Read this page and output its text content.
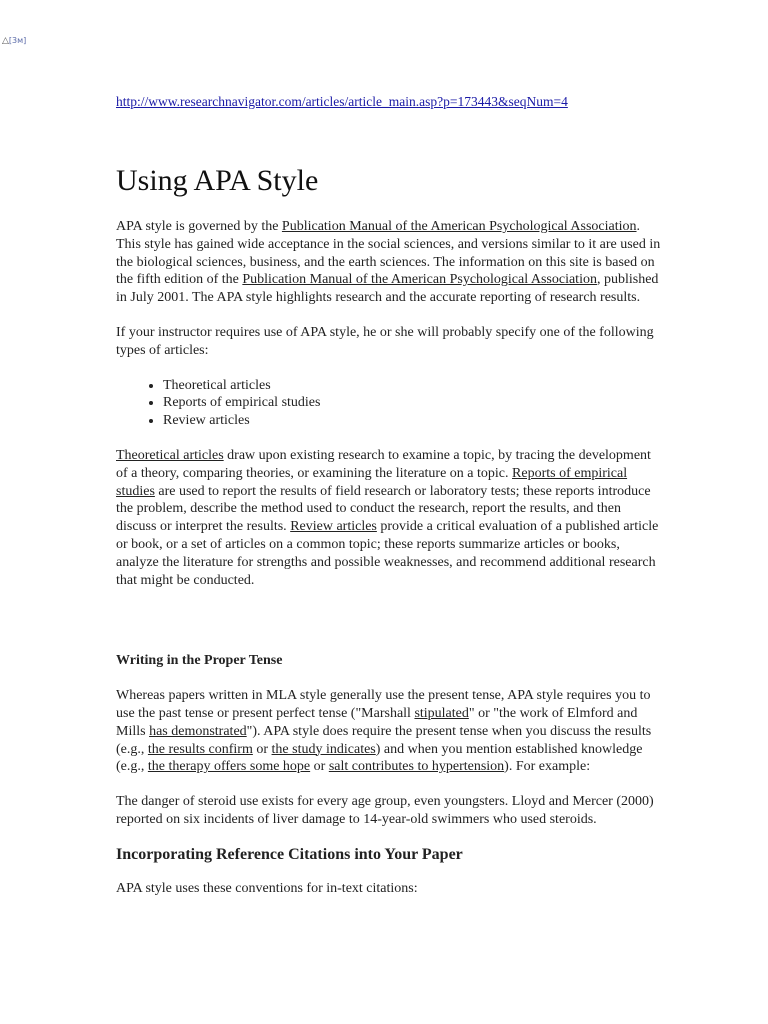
△[3м]
http://www.researchnavigator.com/articles/article_main.asp?p=173443&seqNum=4
Using APA Style

APA style is governed by the Publication Manual of the American Psychological Association. This style has gained wide acceptance in the social sciences, and versions similar to it are used in the biological sciences, business, and the earth sciences. The information on this site is based on the fifth edition of the Publication Manual of the American Psychological Association, published in July 2001. The APA style highlights research and the accurate reporting of research results.

If your instructor requires use of APA style, he or she will probably specify one of the following types of articles:

• Theoretical articles
• Reports of empirical studies
• Review articles

Theoretical articles draw upon existing research to examine a topic, by tracing the development of a theory, comparing theories, or examining the literature on a topic. Reports of empirical studies are used to report the results of field research or laboratory tests; these reports introduce the problem, describe the method used to conduct the research, report the results, and then discuss or interpret the results. Review articles provide a critical evaluation of a published article or book, or a set of articles on a common topic; these reports summarize articles or books, analyze the literature for strengths and possible weaknesses, and recommend additional research that might be conducted.

Writing in the Proper Tense

Whereas papers written in MLA style generally use the present tense, APA style requires you to use the past tense or present perfect tense ("Marshall stipulated" or "the work of Elmford and Mills has demonstrated"). APA style does require the present tense when you discuss the results (e.g., the results confirm or the study indicates) and when you mention established knowledge (e.g., the therapy offers some hope or salt contributes to hypertension). For example:

The danger of steroid use exists for every age group, even youngsters. Lloyd and Mercer (2000) reported on six incidents of liver damage to 14-year-old swimmers who used steroids.

Incorporating Reference Citations into Your Paper

APA style uses these conventions for in-text citations:
